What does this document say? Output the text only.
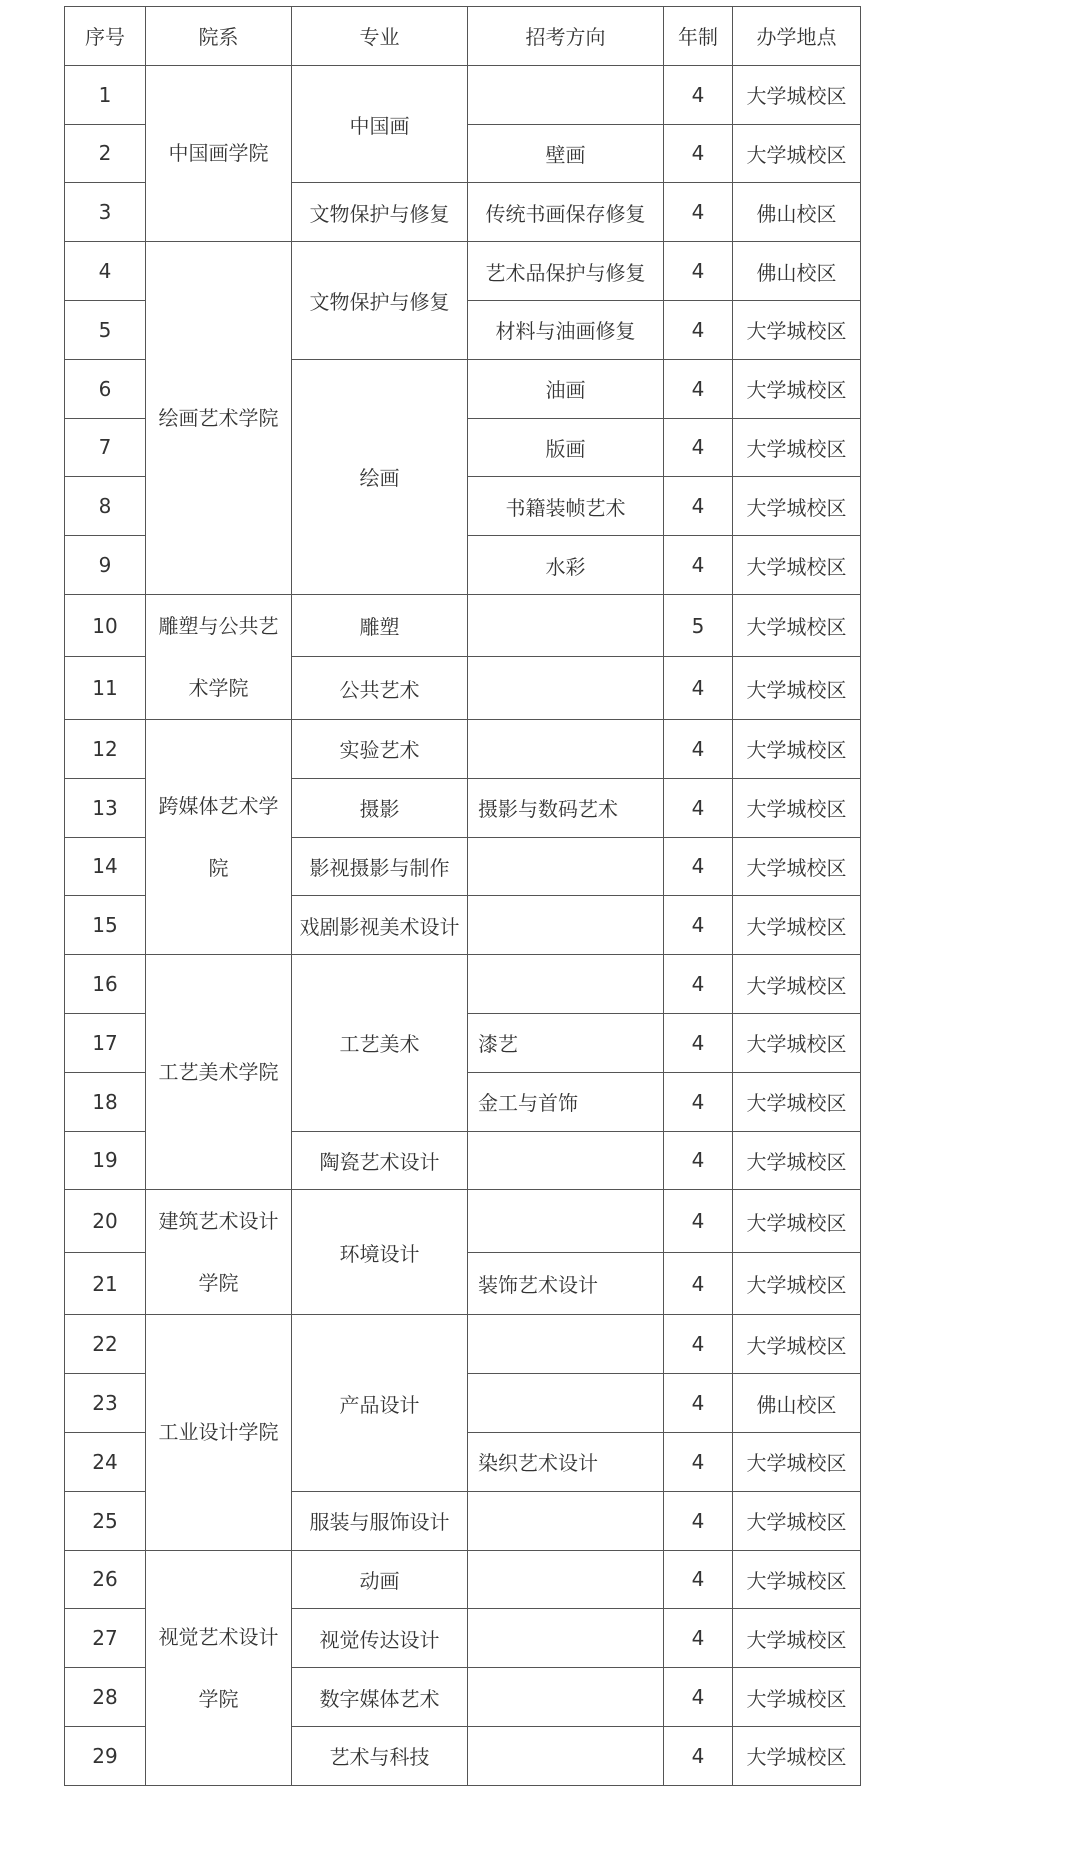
序号	院系	专业	招考方向	年制	办学地点
1	中国画学院	中国画		4	大学城校区
2			壁画	4	大学城校区
3		文物保护与修复	传统书画保存修复	4	佛山校区
4	绘画艺术学院	文物保护与修复	艺术品保护与修复	4	佛山校区
5			材料与油画修复	4	大学城校区
6		绘画	油画	4	大学城校区
7			版画	4	大学城校区
8			书籍装帧艺术	4	大学城校区
9			水彩	4	大学城校区
10	雕塑与公共艺术学院	雕塑		5	大学城校区
11		公共艺术		4	大学城校区
12	跨媒体艺术学院	实验艺术		4	大学城校区
13		摄影	摄影与数码艺术	4	大学城校区
14		影视摄影与制作		4	大学城校区
15		戏剧影视美术设计		4	大学城校区
16	工艺美术学院	工艺美术		4	大学城校区
17			漆艺	4	大学城校区
18			金工与首饰	4	大学城校区
19		陶瓷艺术设计		4	大学城校区
20	建筑艺术设计学院	环境设计		4	大学城校区
21			装饰艺术设计	4	大学城校区
22	工业设计学院	产品设计		4	大学城校区
23				4	佛山校区
24			染织艺术设计	4	大学城校区
25		服装与服饰设计		4	大学城校区
26	视觉艺术设计学院	动画		4	大学城校区
27		视觉传达设计		4	大学城校区
28		数字媒体艺术		4	大学城校区
29		艺术与科技		4	大学城校区
